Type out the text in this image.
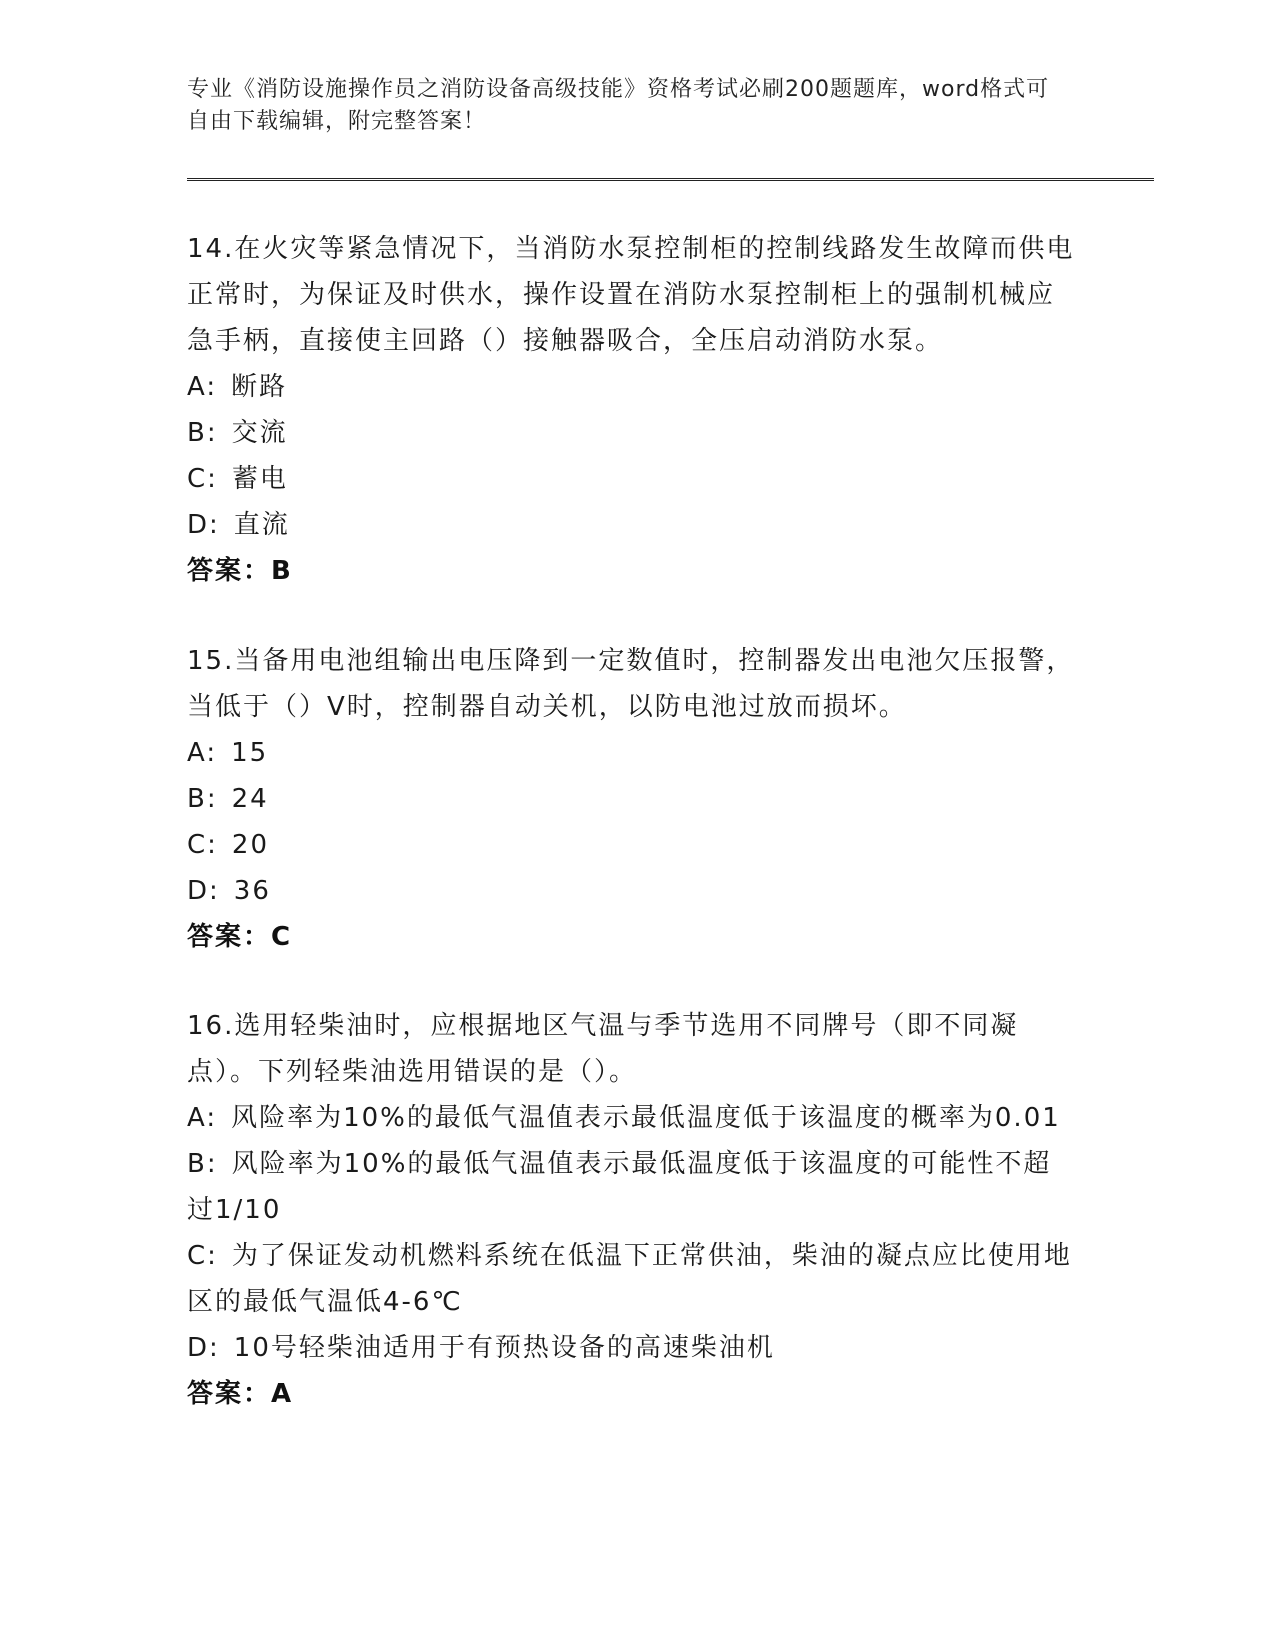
专业《消防设施操作员之消防设备高级技能》资格考试必刷200题题库，word格式可自由下载编辑，附完整答案！

14.在火灾等紧急情况下，当消防水泵控制柜的控制线路发生故障而供电正常时，为保证及时供水，操作设置在消防水泵控制柜上的强制机械应急手柄，直接使主回路（）接触器吸合，全压启动消防水泵。

A: 断路

B: 交流

C: 蓄电

D: 直流

答案：B

15.当备用电池组输出电压降到一定数值时，控制器发出电池欠压报警，当低于（）V时，控制器自动关机，以防电池过放而损坏。

A: 15

B: 24

C: 20

D: 36

答案：C

16.选用轻柴油时，应根据地区气温与季节选用不同牌号（即不同凝点）。下列轻柴油选用错误的是（）。

A: 风险率为10%的最低气温值表示最低温度低于该温度的概率为0.01

B: 风险率为10%的最低气温值表示最低温度低于该温度的可能性不超过1/10

C: 为了保证发动机燃料系统在低温下正常供油，柴油的凝点应比使用地区的最低气温低4-6℃

D: 10号轻柴油适用于有预热设备的高速柴油机

答案：A
